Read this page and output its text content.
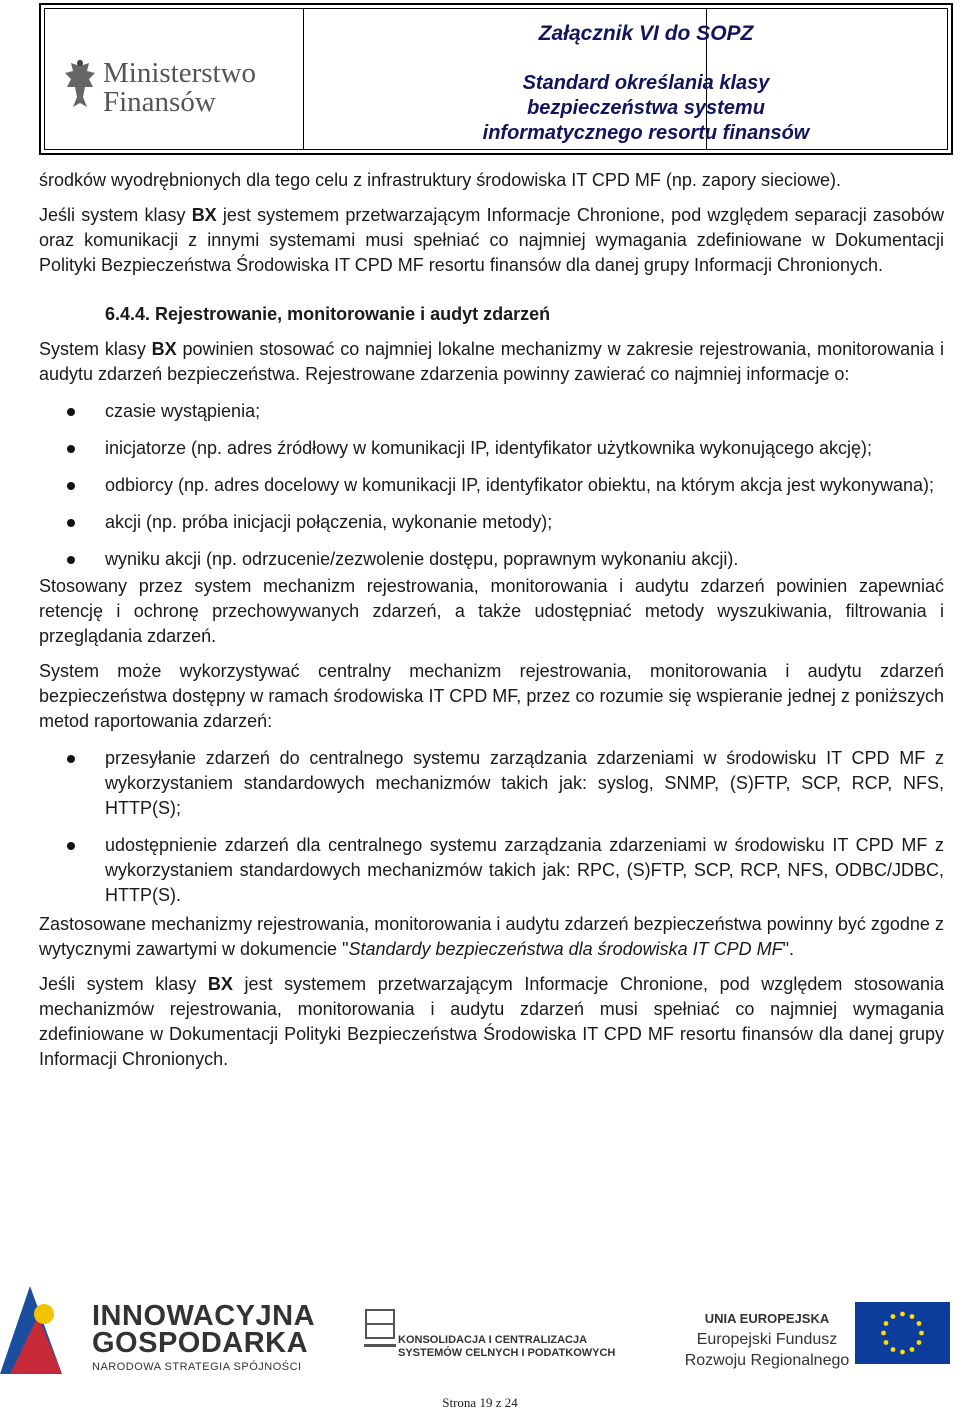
Ministerstwo
Finansów
Załącznik VI do SOPZ
Standard określania klasy
bezpieczeństwa systemu
informatycznego resortu finansów

środków wyodrębnionych dla tego celu z infrastruktury środowiska IT CPD MF (np. zapory sieciowe).

Jeśli system klasy BX jest systemem przetwarzającym Informacje Chronione, pod względem separacji zasobów oraz komunikacji z innymi systemami musi spełniać co najmniej wymagania zdefiniowane w Dokumentacji Polityki Bezpieczeństwa Środowiska IT CPD MF resortu finansów dla danej grupy Informacji Chronionych.

6.4.4. Rejestrowanie, monitorowanie i audyt zdarzeń

System klasy BX powinien stosować co najmniej lokalne mechanizmy w zakresie rejestrowania, monitorowania i audytu zdarzeń bezpieczeństwa. Rejestrowane zdarzenia powinny zawierać co najmniej informacje o:

czasie wystąpienia;
inicjatorze (np. adres źródłowy w komunikacji IP, identyfikator użytkownika wykonującego akcję);
odbiorcy (np. adres docelowy w komunikacji IP, identyfikator obiektu, na którym akcja jest wykonywana);
akcji (np. próba inicjacji połączenia, wykonanie metody);
wyniku akcji (np. odrzucenie/zezwolenie dostępu, poprawnym wykonaniu akcji).

Stosowany przez system mechanizm rejestrowania, monitorowania i audytu zdarzeń powinien zapewniać retencję i ochronę przechowywanych zdarzeń, a także udostępniać metody wyszukiwania, filtrowania i przeglądania zdarzeń.

System może wykorzystywać centralny mechanizm rejestrowania, monitorowania i audytu zdarzeń bezpieczeństwa dostępny w ramach środowiska IT CPD MF, przez co rozumie się wspieranie jednej z poniższych metod raportowania zdarzeń:

przesyłanie zdarzeń do centralnego systemu zarządzania zdarzeniami w środowisku IT CPD MF z wykorzystaniem standardowych mechanizmów takich jak: syslog, SNMP, (S)FTP, SCP, RCP, NFS, HTTP(S);
udostępnienie zdarzeń dla centralnego systemu zarządzania zdarzeniami w środowisku IT CPD MF z wykorzystaniem standardowych mechanizmów takich jak: RPC, (S)FTP, SCP, RCP, NFS, ODBC/JDBC, HTTP(S).

Zastosowane mechanizmy rejestrowania, monitorowania i audytu zdarzeń bezpieczeństwa powinny być zgodne z wytycznymi zawartymi w dokumencie "Standardy bezpieczeństwa dla środowiska IT CPD MF".

Jeśli system klasy BX jest systemem przetwarzającym Informacje Chronione, pod względem stosowania mechanizmów rejestrowania, monitorowania i audytu zdarzeń musi spełniać co najmniej wymagania zdefiniowane w Dokumentacji Polityki Bezpieczeństwa Środowiska IT CPD MF resortu finansów dla danej grupy Informacji Chronionych.

INNOWACYJNA
GOSPODARKA
NARODOWA STRATEGIA SPÓJNOŚCI
KONSOLIDACJA I CENTRALIZACJA
SYSTEMÓW CELNYCH I PODATKOWYCH
UNIA EUROPEJSKA
Europejski Fundusz
Rozwoju Regionalnego
Strona 19 z 24
